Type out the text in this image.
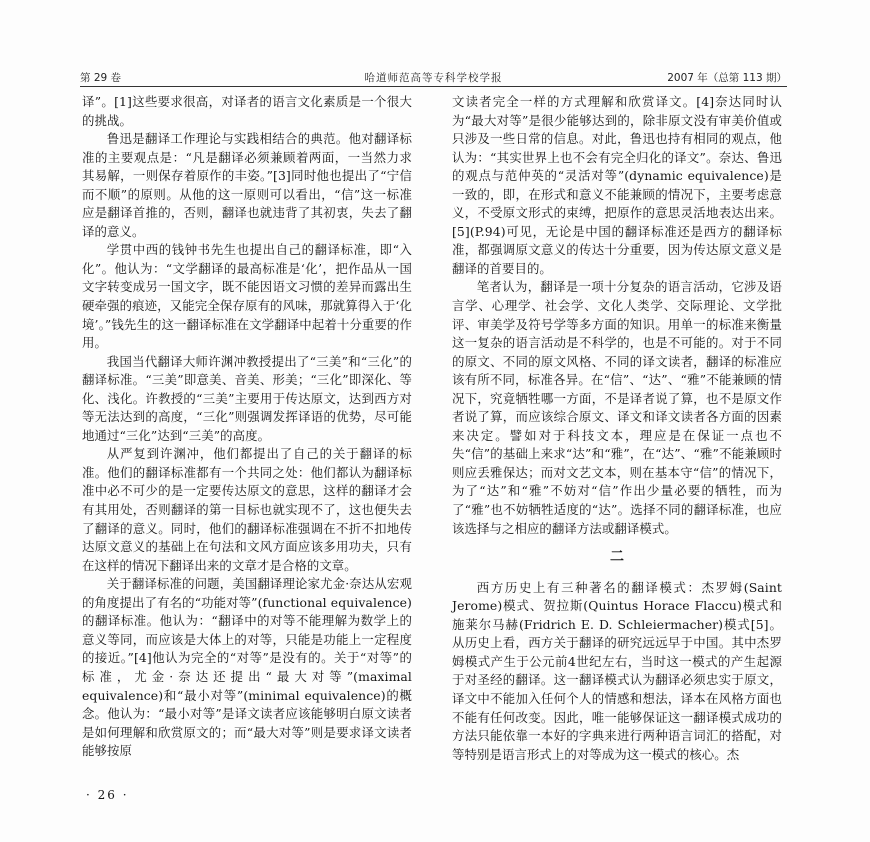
第 29 卷	哈道师范高等专科学校学报	2007 年（总第 113 期）

译”。[1]这些要求很高，对译者的语言文化素质是一个很大的挑战。

鲁迅是翻译工作理论与实践相结合的典范。他对翻译标准的主要观点是：“凡是翻译必须兼顾着两面，一当然力求其易解，一则保存着原作的丰姿。”[3]同时他也提出了“宁信而不顺”的原则。从他的这一原则可以看出，“信”这一标准应是翻译首推的，否则，翻译也就违背了其初衷，失去了翻译的意义。

学贯中西的钱钟书先生也提出自己的翻译标准，即“入化”。他认为：“文学翻译的最高标准是‘化’，把作品从一国文字转变成另一国文字，既不能因语文习惯的差异而露出生硬牵强的痕迹，又能完全保存原有的风味，那就算得入于‘化境’。”钱先生的这一翻译标准在文学翻译中起着十分重要的作用。

我国当代翻译大师许渊冲教授提出了“三美”和“三化”的翻译标准。“三美”即意美、音美、形美；“三化”即深化、等化、浅化。许教授的“三美”主要用于传达原文，达到西方对等无法达到的高度，“三化”则强调发挥译语的优势，尽可能地通过“三化”达到“三美”的高度。

从严复到许渊冲，他们都提出了自己的关于翻译的标准。他们的翻译标准都有一个共同之处：他们都认为翻译标准中必不可少的是一定要传达原文的意思，这样的翻译才会有其用处，否则翻译的第一目标也就实现不了，这也便失去了翻译的意义。同时，他们的翻译标准强调在不折不扣地传达原文意义的基础上在句法和文风方面应该多用功夫，只有在这样的情况下翻译出来的文章才是合格的文章。

关于翻译标准的问题，美国翻译理论家尤金·奈达从宏观的角度提出了有名的“功能对等”(functional equivalence)的翻译标准。他认为：“翻译中的对等不能理解为数学上的意义等同，而应该是大体上的对等，只能是功能上一定程度的接近。”[4]他认为完全的“对等”是没有的。关于“对等”的标准，尤金·奈达还提出“最大对等”(maximal equivalence)和“最小对等”(minimal equivalence)的概念。他认为：“最小对等”是译文读者应该能够明白原文读者是如何理解和欣赏原文的；而“最大对等”则是要求译文读者能够按原

文读者完全一样的方式理解和欣赏译文。[4]奈达同时认为“最大对等”是很少能够达到的，除非原文没有审美价值或只涉及一些日常的信息。对此，鲁迅也持有相同的观点，他认为：“其实世界上也不会有完全归化的译文”。奈达、鲁迅的观点与范仲英的“灵活对等”(dynamic equivalence)是一致的，即，在形式和意义不能兼顾的情况下，主要考虑意义，不受原文形式的束缚，把原作的意思灵活地表达出来。[5](P.94)可见，无论是中国的翻译标准还是西方的翻译标准，都强调原文意义的传达十分重要，因为传达原文意义是翻译的首要目的。

笔者认为，翻译是一项十分复杂的语言活动，它涉及语言学、心理学、社会学、文化人类学、交际理论、文学批评、审美学及符号学等多方面的知识。用单一的标准来衡量这一复杂的语言活动是不科学的，也是不可能的。对于不同的原文、不同的原文风格、不同的译文读者，翻译的标准应该有所不同，标准各异。在“信”、“达”、“雅”不能兼顾的情况下，究竟牺牲哪一方面，不是译者说了算，也不是原文作者说了算，而应该综合原文、译文和译文读者各方面的因素来决定。譬如对于科技文本，理应是在保证一点也不失“信”的基础上来求“达”和“雅”，在“达”、“雅”不能兼顾时则应丢雅保达；而对文艺文本，则在基本守“信”的情况下，为了“达”和“雅”不妨对“信”作出少量必要的牺牲，而为了“雅”也不妨牺牲适度的“达”。选择不同的翻译标准，也应该选择与之相应的翻译方法或翻译模式。

二

西方历史上有三种著名的翻译模式：杰罗姆(Saint Jerome)模式、贺拉斯(Quintus Horace Flaccu)模式和施莱尔马赫(Fridrich E. D. Schleiermacher)模式[5]。从历史上看，西方关于翻译的研究远远早于中国。其中杰罗姆模式产生于公元前4世纪左右，当时这一模式的产生起源于对圣经的翻译。这一翻译模式认为翻译必须忠实于原文，译文中不能加入任何个人的情感和想法，译本在风格方面也不能有任何改变。因此，唯一能够保证这一翻译模式成功的方法只能依靠一本好的字典来进行两种语言词汇的搭配，对等特别是语言形式上的对等成为这一模式的核心。杰

· 26 ·
